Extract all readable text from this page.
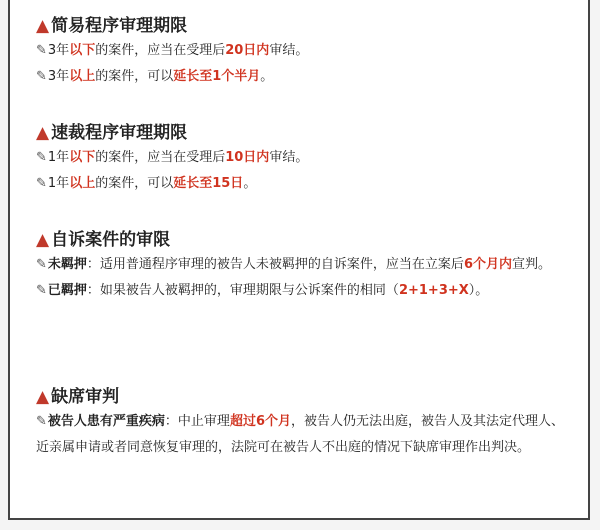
▲ 简易程序审理期限
✎3年以下的案件，应当在受理后20日内审结。
✎3年以上的案件，可以延长至1个半月。
▲ 速裁程序审理期限
✎1年以下的案件，应当在受理后10日内审结。
✎1年以上的案件，可以延长至15日。
▲ 自诉案件的审限
✎未羁押：适用普通程序审理的被告人未被羁押的自诉案件，应当在立案后6个月内宣判。
✎已羁押：如果被告人被羁押的，审理期限与公诉案件的相同（2+1+3+X）。
▲ 缺席审判
✎被告人患有严重疾病：中止审理超过6个月，被告人仍无法出庭，被告人及其法定代理人、近亲属申请或者同意恢复审理的，法院可在被告人不出庭的情况下缺席审理作出判决。
